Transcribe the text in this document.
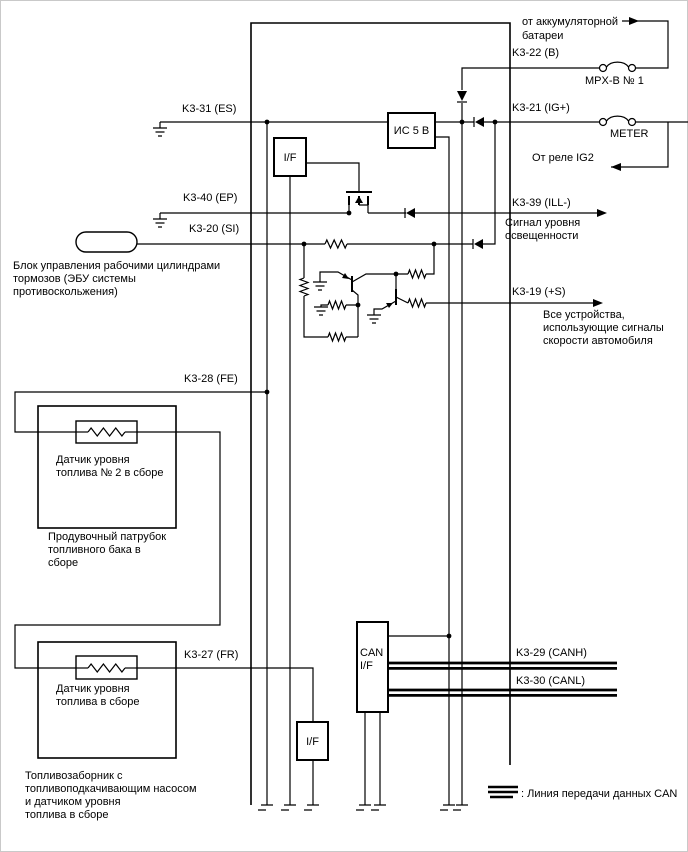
K3-31 (ES)
K3-40 (EP)
K3-20 (SI)
K3-28 (FE)
K3-27 (FR)
K3-22 (B)
K3-21 (IG+)
K3-39 (ILL-)
K3-19 (+S)
K3-29 (CANH)
K3-30 (CANL)
MPX-B № 1
METER
от аккумуляторной
батареи
От реле IG2
Сигнал уровня
освещенности
Все устройства,
использующие сигналы
скорости автомобиля
ИС 5 В
I/F
I/F
CAN
I/F
Блок управления рабочими цилиндрами
тормозов (ЭБУ системы
противоскольжения)
Датчик уровня
топлива № 2 в сборе
Продувочный патрубок
топливного бака в
сборе
Датчик уровня
топлива в сборе
Топливозаборник с
топливоподкачивающим насосом
и датчиком уровня
топлива в сборе
: Линия передачи данных CAN
